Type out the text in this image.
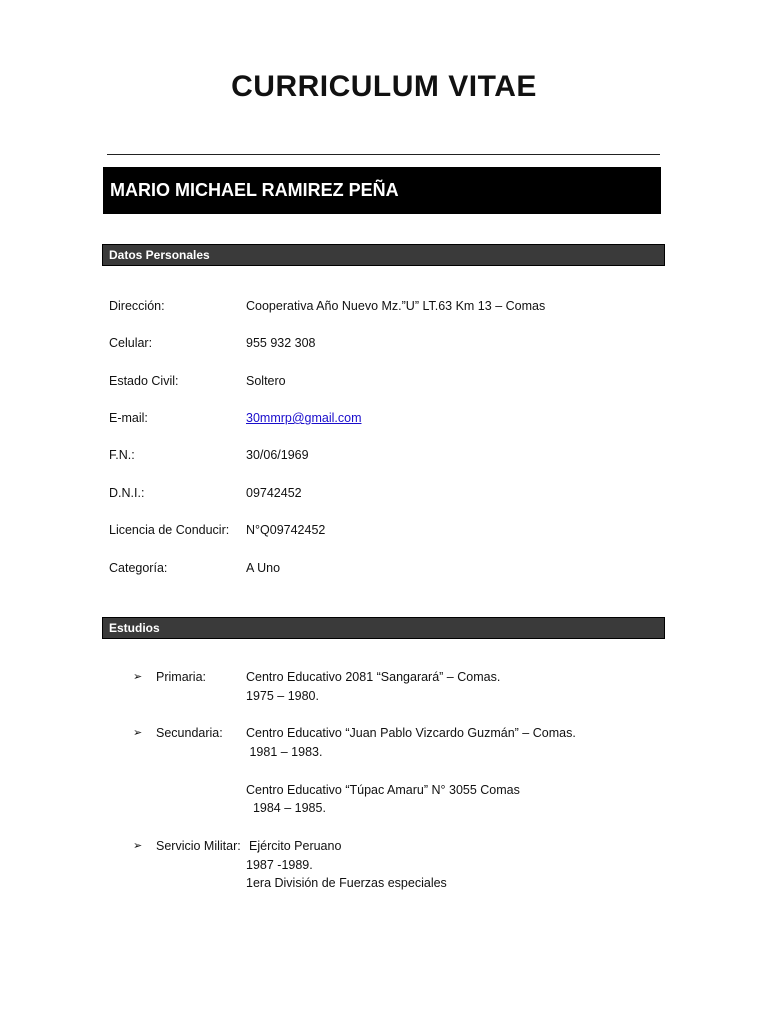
CURRICULUM VITAE
MARIO MICHAEL RAMIREZ PEÑA
Datos Personales
Dirección:	Cooperativa Año Nuevo Mz.”U” LT.63 Km 13 – Comas
Celular:	955 932 308
Estado Civil:	Soltero
E-mail:	30mmrp@gmail.com
F.N.:	30/06/1969
D.N.I.:	09742452
Licencia de Conducir: N°Q09742452
Categoría:	A Uno
Estudios
➢ Primaria:	Centro Educativo 2081 “Sangarará” – Comas.
1975 – 1980.
➢ Secundaria: Centro Educativo “Juan Pablo Vizcardo Guzmán” – Comas.
1981 – 1983.
Centro Educativo “Túpac Amaru” N° 3055 Comas
1984 – 1985.
➢ Servicio Militar: Ejército Peruano
1987 -1989.
1era División de Fuerzas especiales
